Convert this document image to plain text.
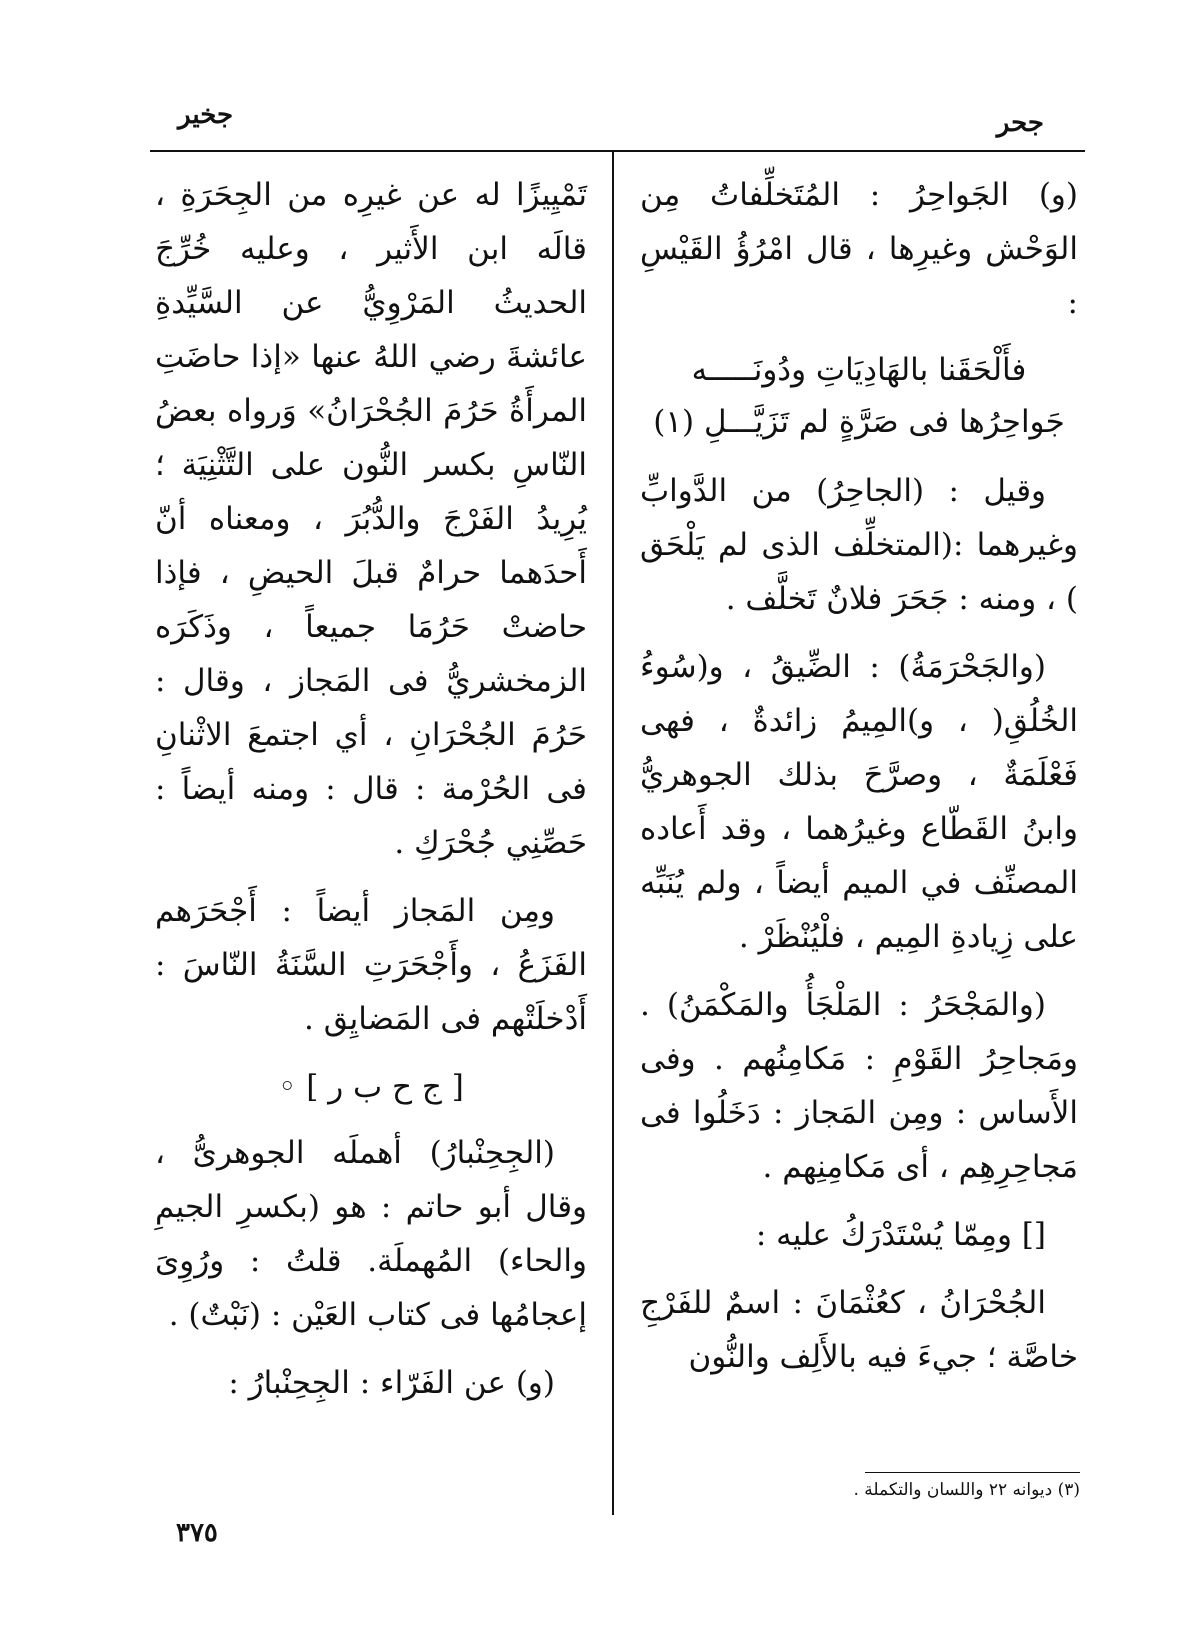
جحر
جخير

(و) الجَواحِرُ : المُتَخلِّفاتُ مِن الوَحْش وغيرِها ، قال امْرُؤُ القَيْسِ :

فأَلْحَقَنا بالهَادِيَاتِ ودُونَـــــه
جَواحِرُها فى صَرَّةٍ لم تَزَيَّـــلِ (١)

وقيل : (الجاحِرُ) من الدَّوابِّ وغيرهما :(المتخلِّف الذى لم يَلْحَق ) ، ومنه : جَحَرَ فلانٌ تَخلَّف .

(والجَحْرَمَةُ) : الضِّيقُ ، و(سُوءُ الخُلُقِ( ، و)المِيمُ زائدةٌ ، فهى فَعْلَمَةٌ ، وصرَّحَ بذلك الجوهريُّ وابنُ القَطّاع وغيرُهما ، وقد أَعاده المصنِّف في الميم أيضاً ، ولم يُنَبِّه على زِيادةِ المِيم ، فلْيُنْظَرْ .

(والمَجْحَرُ : المَلْجَأُ والمَكْمَنُ) . ومَجاحِرُ القَوْمِ : مَكامِنُهم . وفى الأَساس : ومِن المَجاز : دَخَلُوا فى مَجاحِرِهِم ، أى مَكامِنِهم .

[] ومِمّا يُسْتَدْرَكُ عليه :

الجُحْرَانُ ، كعُثْمَانَ : اسمٌ للفَرْجِ خاصَّة ؛ جيءَ فيه بالأَلِف والنُّون

تَمْيِيزًا له عن غيرِه من الجِحَرَةِ ، قالَه ابن الأَثير ، وعليه خُرِّجَ الحديثُ المَرْوِيُّ عن السَّيِّدةِ عائشةَ رضي اللهُ عنها «إذا حاضَتِ المرأَةُ حَرُمَ الجُحْرَانُ» وَرواه بعضُ النّاسِ بكسر النُّون على التَّثْنِيَة ؛ يُرِيدُ الفَرْجَ والدُّبُرَ ، ومعناه أنّ أَحدَهما حرامٌ قبلَ الحيضِ ، فإذا حاضتْ حَرُمَا جميعاً ، وذَكَرَه الزمخشريُّ فى المَجاز ، وقال : حَرُمَ الجُحْرَانِ ، أي اجتمعَ الاثْنانِ فى الحُرْمة : قال : ومنه أيضاً : حَصِّنِي جُحْرَكِ .

ومِن المَجاز أيضاً : أَجْحَرَهم الفَزَعُ ، وأَجْحَرَتِ السَّنَةُ النّاسَ : أَدْخلَتْهم فى المَضايِق .

[ ج ح ب ر ] ◦

(الجِحِنْبارُ) أهملَه الجوهرىُّ ، وقال أبو حاتم : هو (بكسرِ الجيمِ والحاء) المُهملَة. قلتُ : ورُوِىَ إعجامُها فى كتاب العَيْن : (نَبْتٌ) .

(و) عن الفَرّاء : الجِحِنْبارُ :

(٣) ديوانه ٢٢ واللسان والتكملة .
٣٧٥
